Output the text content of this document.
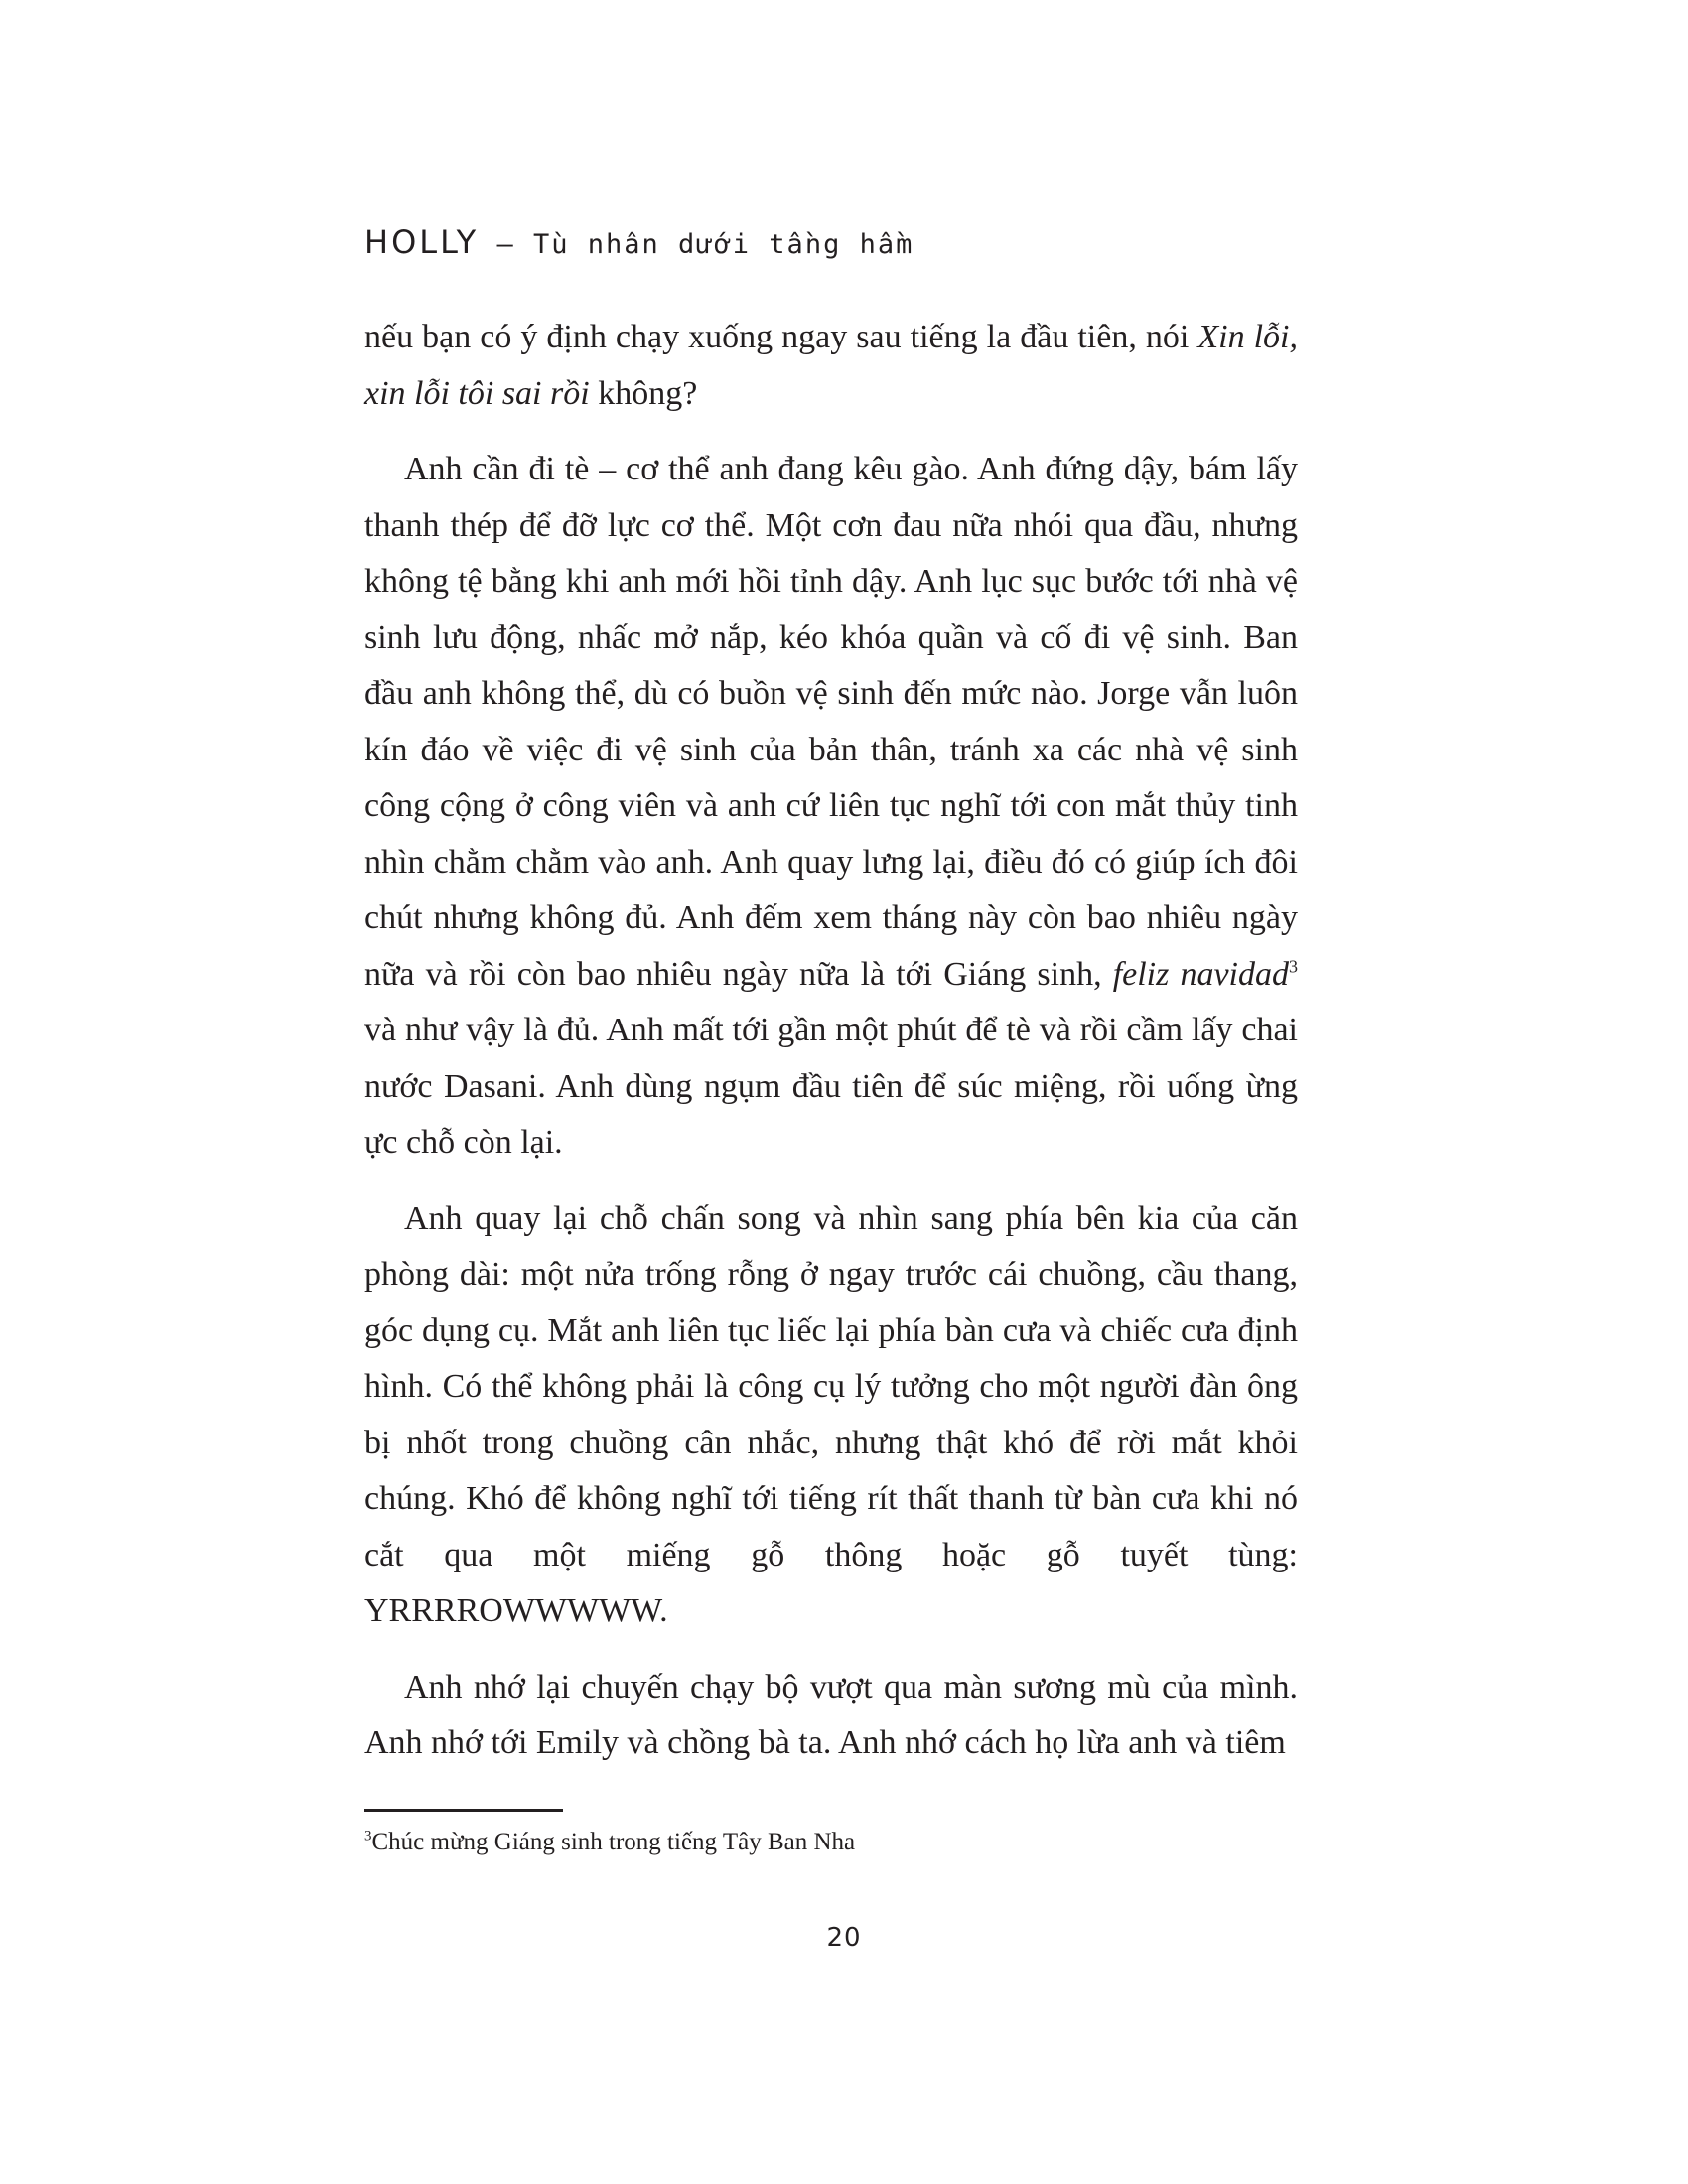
HOLLY – Tù nhân dưới tầng hầm

nếu bạn có ý định chạy xuống ngay sau tiếng la đầu tiên, nói Xin lỗi, xin lỗi tôi sai rồi không?

Anh cần đi tè – cơ thể anh đang kêu gào. Anh đứng dậy, bám lấy thanh thép để đỡ lực cơ thể. Một cơn đau nữa nhói qua đầu, nhưng không tệ bằng khi anh mới hồi tỉnh dậy. Anh lục sục bước tới nhà vệ sinh lưu động, nhấc mở nắp, kéo khóa quần và cố đi vệ sinh. Ban đầu anh không thể, dù có buồn vệ sinh đến mức nào. Jorge vẫn luôn kín đáo về việc đi vệ sinh của bản thân, tránh xa các nhà vệ sinh công cộng ở công viên và anh cứ liên tục nghĩ tới con mắt thủy tinh nhìn chằm chằm vào anh. Anh quay lưng lại, điều đó có giúp ích đôi chút nhưng không đủ. Anh đếm xem tháng này còn bao nhiêu ngày nữa và rồi còn bao nhiêu ngày nữa là tới Giáng sinh, feliz navidad$^3$ và như vậy là đủ. Anh mất tới gần một phút để tè và rồi cầm lấy chai nước Dasani. Anh dùng ngụm đầu tiên để súc miệng, rồi uống ừng ực chỗ còn lại.

Anh quay lại chỗ chấn song và nhìn sang phía bên kia của căn phòng dài: một nửa trống rỗng ở ngay trước cái chuồng, cầu thang, góc dụng cụ. Mắt anh liên tục liếc lại phía bàn cưa và chiếc cưa định hình. Có thể không phải là công cụ lý tưởng cho một người đàn ông bị nhốt trong chuồng cân nhắc, nhưng thật khó để rời mắt khỏi chúng. Khó để không nghĩ tới tiếng rít thất thanh từ bàn cưa khi nó cắt qua một miếng gỗ thông hoặc gỗ tuyết tùng: YRRRROWWWWW.

Anh nhớ lại chuyến chạy bộ vượt qua màn sương mù của mình. Anh nhớ tới Emily và chồng bà ta. Anh nhớ cách họ lừa anh và tiêm

$^3$Chúc mừng Giáng sinh trong tiếng Tây Ban Nha
20
